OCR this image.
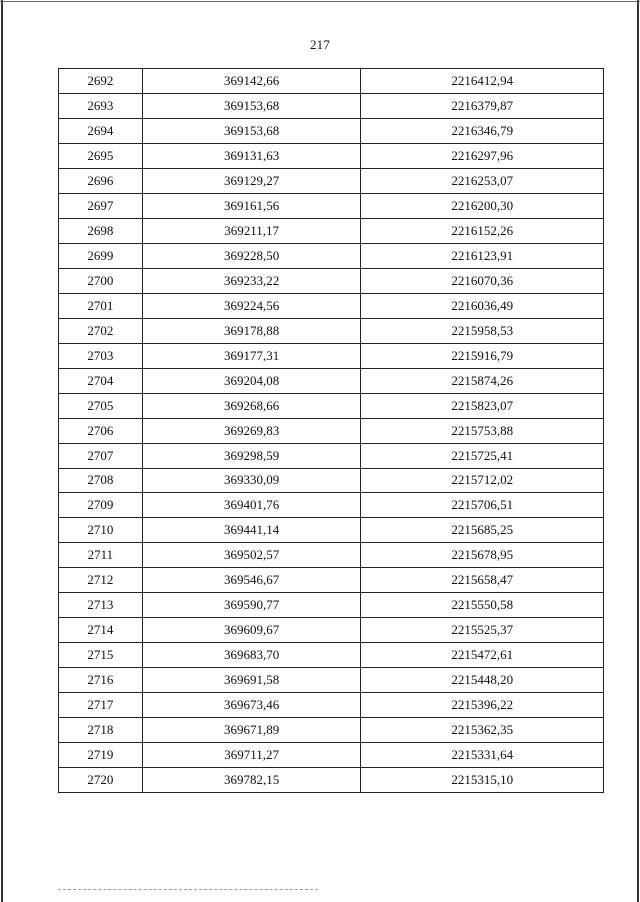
217
2692	369142,66	2216412,94
2693	369153,68	2216379,87
2694	369153,68	2216346,79
2695	369131,63	2216297,96
2696	369129,27	2216253,07
2697	369161,56	2216200,30
2698	369211,17	2216152,26
2699	369228,50	2216123,91
2700	369233,22	2216070,36
2701	369224,56	2216036,49
2702	369178,88	2215958,53
2703	369177,31	2215916,79
2704	369204,08	2215874,26
2705	369268,66	2215823,07
2706	369269,83	2215753,88
2707	369298,59	2215725,41
2708	369330,09	2215712,02
2709	369401,76	2215706,51
2710	369441,14	2215685,25
2711	369502,57	2215678,95
2712	369546,67	2215658,47
2713	369590,77	2215550,58
2714	369609,67	2215525,37
2715	369683,70	2215472,61
2716	369691,58	2215448,20
2717	369673,46	2215396,22
2718	369671,89	2215362,35
2719	369711,27	2215331,64
2720	369782,15	2215315,10
